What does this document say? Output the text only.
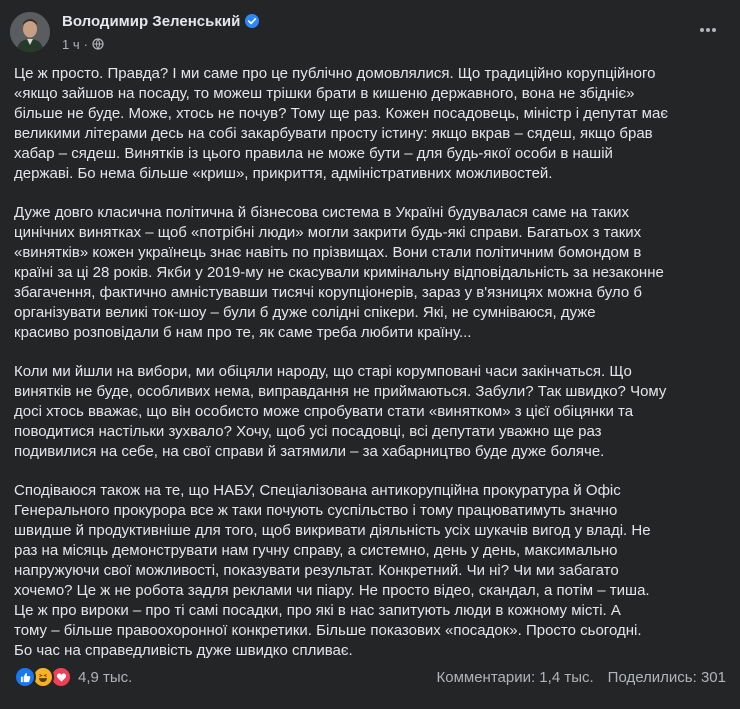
Володимир Зеленський
1 ч ·

Це ж просто. Правда? І ми саме про це публічно домовлялися. Що традиційно корупційного
«якщо зайшов на посаду, то можеш трішки брати в кишеню державного, вона не збідніє»
більше не буде. Може, хтось не почув? Тому ще раз. Кожен посадовець, міністр і депутат має
великими літерами десь на собі закарбувати просту істину: якщо вкрав – сядеш, якщо брав
хабар – сядеш. Винятків із цього правила не може бути – для будь-якої особи в нашій
державі. Бо нема більше «криш», прикриття, адміністративних можливостей.

Дуже довго класична політична й бізнесова система в Україні будувалася саме на таких
цинічних винятках – щоб «потрібні люди» могли закрити будь-які справи. Багатьох з таких
«винятків» кожен українець знає навіть по прізвищах. Вони стали політичним бомондом в
країні за ці 28 років. Якби у 2019-му не скасували кримінальну відповідальність за незаконне
збагачення, фактично амністувавши тисячі корупціонерів, зараз у в'язницях можна було б
організувати великі ток-шоу – були б дуже солідні спікери. Які, не сумніваюся, дуже
красиво розповідали б нам про те, як саме треба любити країну...

Коли ми йшли на вибори, ми обіцяли народу, що старі корумповані часи закінчаться. Що
винятків не буде, особливих нема, виправдання не приймаються. Забули? Так швидко? Чому
досі хтось вважає, що він особисто може спробувати стати «винятком» з цієї обіцянки та
поводитися настільки зухвало? Хочу, щоб усі посадовці, всі депутати уважно ще раз
подивилися на себе, на свої справи й затямили – за хабарництво буде дуже боляче.

Сподіваюся також на те, що НАБУ, Спеціалізована антикорупційна прокуратура й Офіс
Генерального прокурора все ж таки почують суспільство і тому працюватимуть значно
швидше й продуктивніше для того, щоб викривати діяльність усіх шукачів вигод у владі. Не
раз на місяць демонструвати нам гучну справу, а системно, день у день, максимально
напружуючи свої можливості, показувати результат. Конкретний. Чи ні? Чи ми забагато
хочемо? Це ж не робота задля реклами чи піару. Не просто відео, скандал, а потім – тиша.
Це ж про вироки – про ті самі посадки, про які в нас запитують люди в кожному місті. А
тому – більше правоохоронної конкретики. Більше показових «посадок». Просто сьогодні.
Бо час на справедливість дуже швидко спливає.

4,9 тыс.	Комментарии: 1,4 тыс. Поделились: 301
